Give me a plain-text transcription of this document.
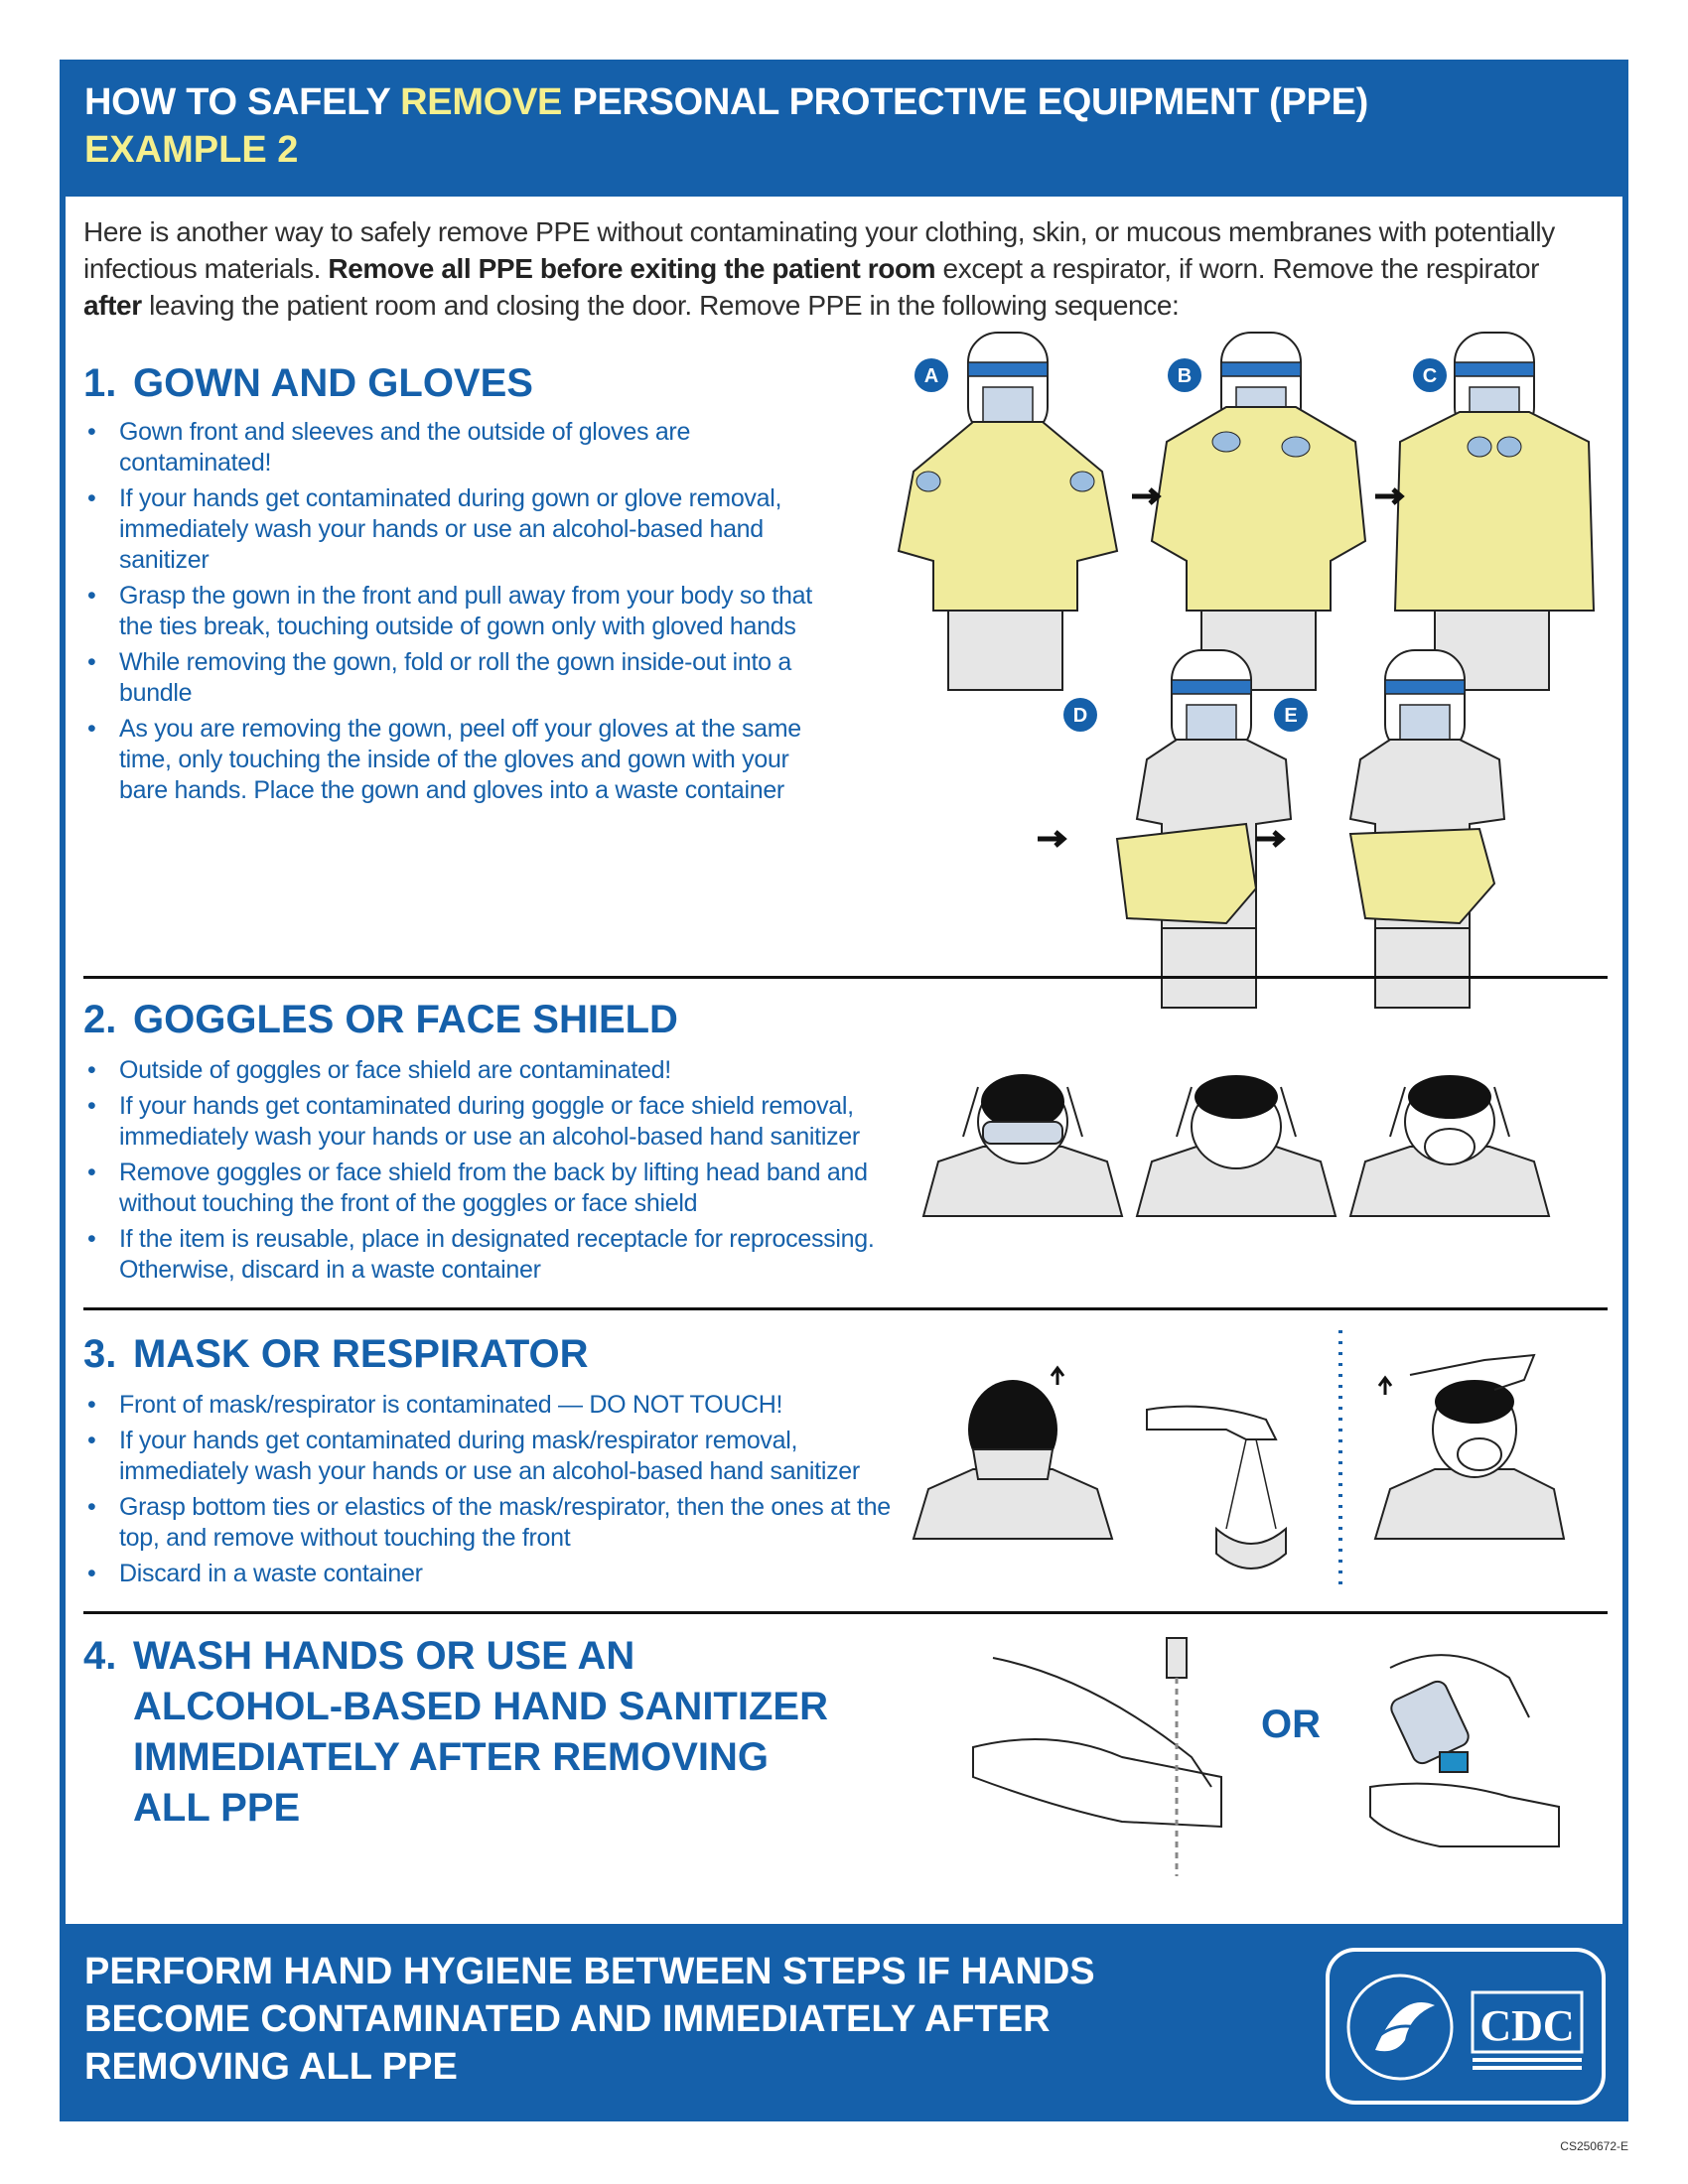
HOW TO SAFELY REMOVE PERSONAL PROTECTIVE EQUIPMENT (PPE)
EXAMPLE 2
Here is another way to safely remove PPE without contaminating your clothing, skin, or mucous membranes with potentially infectious materials. Remove all PPE before exiting the patient room except a respirator, if worn. Remove the respirator after leaving the patient room and closing the door. Remove PPE in the following sequence:
1. GOWN AND GLOVES
• Gown front and sleeves and the outside of gloves are contaminated!
• If your hands get contaminated during gown or glove removal, immediately wash your hands or use an alcohol-based hand sanitizer
• Grasp the gown in the front and pull away from your body so that the ties break, touching outside of gown only with gloved hands
• While removing the gown, fold or roll the gown inside-out into a bundle
• As you are removing the gown, peel off your gloves at the same time, only touching the inside of the gloves and gown with your bare hands. Place the gown and gloves into a waste container
A	B	C
D	E
2. GOGGLES OR FACE SHIELD
• Outside of goggles or face shield are contaminated!
• If your hands get contaminated during goggle or face shield removal, immediately wash your hands or use an alcohol-based hand sanitizer
• Remove goggles or face shield from the back by lifting head band and without touching the front of the goggles or face shield
• If the item is reusable, place in designated receptacle for reprocessing. Otherwise, discard in a waste container
3. MASK OR RESPIRATOR
• Front of mask/respirator is contaminated — DO NOT TOUCH!
• If your hands get contaminated during mask/respirator removal, immediately wash your hands or use an alcohol-based hand sanitizer
• Grasp bottom ties or elastics of the mask/respirator, then the ones at the top, and remove without touching the front
• Discard in a waste container
4. WASH HANDS OR USE AN
ALCOHOL-BASED HAND SANITIZER
IMMEDIATELY AFTER REMOVING
ALL PPE
OR
PERFORM HAND HYGIENE BETWEEN STEPS IF HANDS
BECOME CONTAMINATED AND IMMEDIATELY AFTER
REMOVING ALL PPE
CDC
CS250672-E
